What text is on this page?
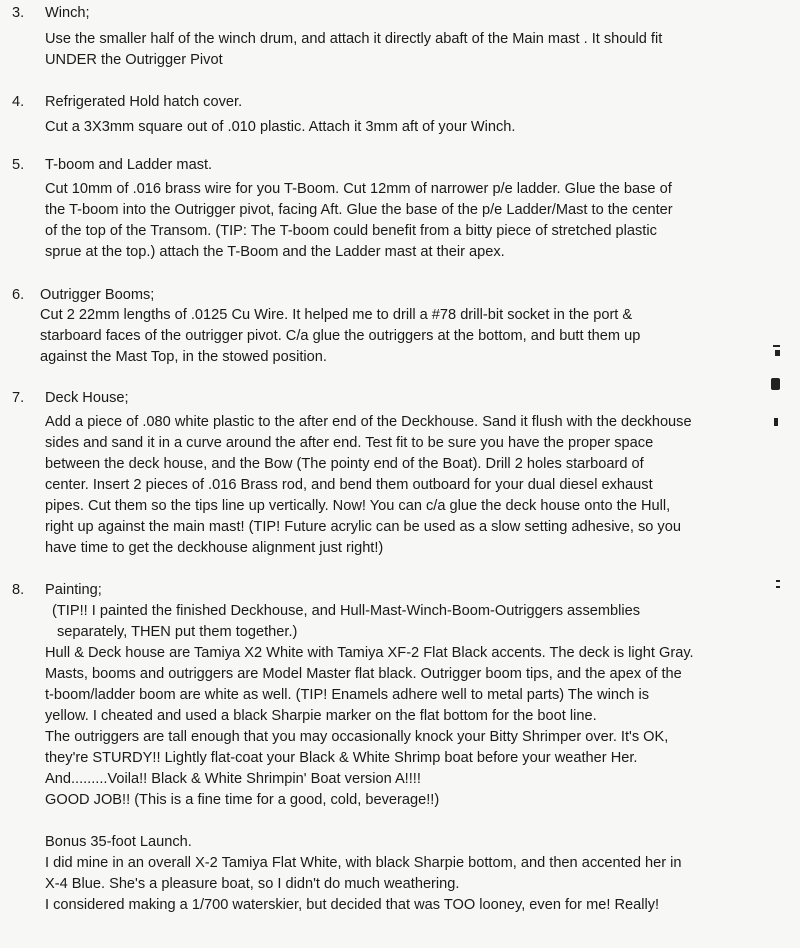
3. Winch;
Use the smaller half of the winch drum, and attach it directly abaft of the Main mast . It should fit
UNDER the Outrigger Pivot
4. Refrigerated Hold hatch cover.
Cut a 3X3mm square out of .010 plastic. Attach it 3mm aft of your Winch.
5. T-boom and Ladder mast.
Cut 10mm of .016 brass wire for you T-Boom. Cut 12mm of narrower p/e ladder. Glue the base of
the T-boom into the Outrigger pivot, facing Aft. Glue the base of the p/e Ladder/Mast to the center
of the top of the Transom. (TIP: The T-boom could benefit from a bitty piece of stretched plastic
sprue at the top.) attach the T-Boom and the Ladder mast at their apex.
6. Outrigger Booms;
Cut 2 22mm lengths of .0125 Cu Wire. It helped me to drill a #78 drill-bit socket in the port &
starboard faces of the outrigger pivot. C/a glue the outriggers at the bottom, and butt them up
against the Mast Top, in the stowed position.
7. Deck House;
Add a piece of .080 white plastic to the after end of the Deckhouse. Sand it flush with the deckhouse
sides and sand it in a curve around the after end. Test fit to be sure you have the proper space
between the deck house, and the Bow (The pointy end of the Boat). Drill 2 holes starboard of
center. Insert 2 pieces of .016 Brass rod, and bend them outboard for your dual diesel exhaust
pipes. Cut them so the tips line up vertically. Now! You can c/a glue the deck house onto the Hull,
right up against the main mast! (TIP! Future acrylic can be used as a slow setting adhesive, so you
have time to get the deckhouse alignment just right!)
8. Painting;
(TIP!! I painted the finished Deckhouse, and Hull-Mast-Winch-Boom-Outriggers assemblies
separately, THEN put them together.)
Hull & Deck house are Tamiya X2 White with Tamiya XF-2 Flat Black accents. The deck is light Gray.
Masts, booms and outriggers are Model Master flat black. Outrigger boom tips, and the apex of the
t-boom/ladder boom are white as well. (TIP! Enamels adhere well to metal parts) The winch is
yellow. I cheated and used a black Sharpie marker on the flat bottom for the boot line.
The outriggers are tall enough that you may occasionally knock your Bitty Shrimper over. It's OK,
they're STURDY!! Lightly flat-coat your Black & White Shrimp boat before your weather Her.
And.........Voila!! Black & White Shrimpin' Boat version A!!!!
GOOD JOB!! (This is a fine time for a good, cold, beverage!!)
Bonus 35-foot Launch.
I did mine in an overall X-2 Tamiya Flat White, with black Sharpie bottom, and then accented her in
X-4 Blue. She's a pleasure boat, so I didn't do much weathering.
I considered making a 1/700 waterskier, but decided that was TOO looney, even for me! Really!
